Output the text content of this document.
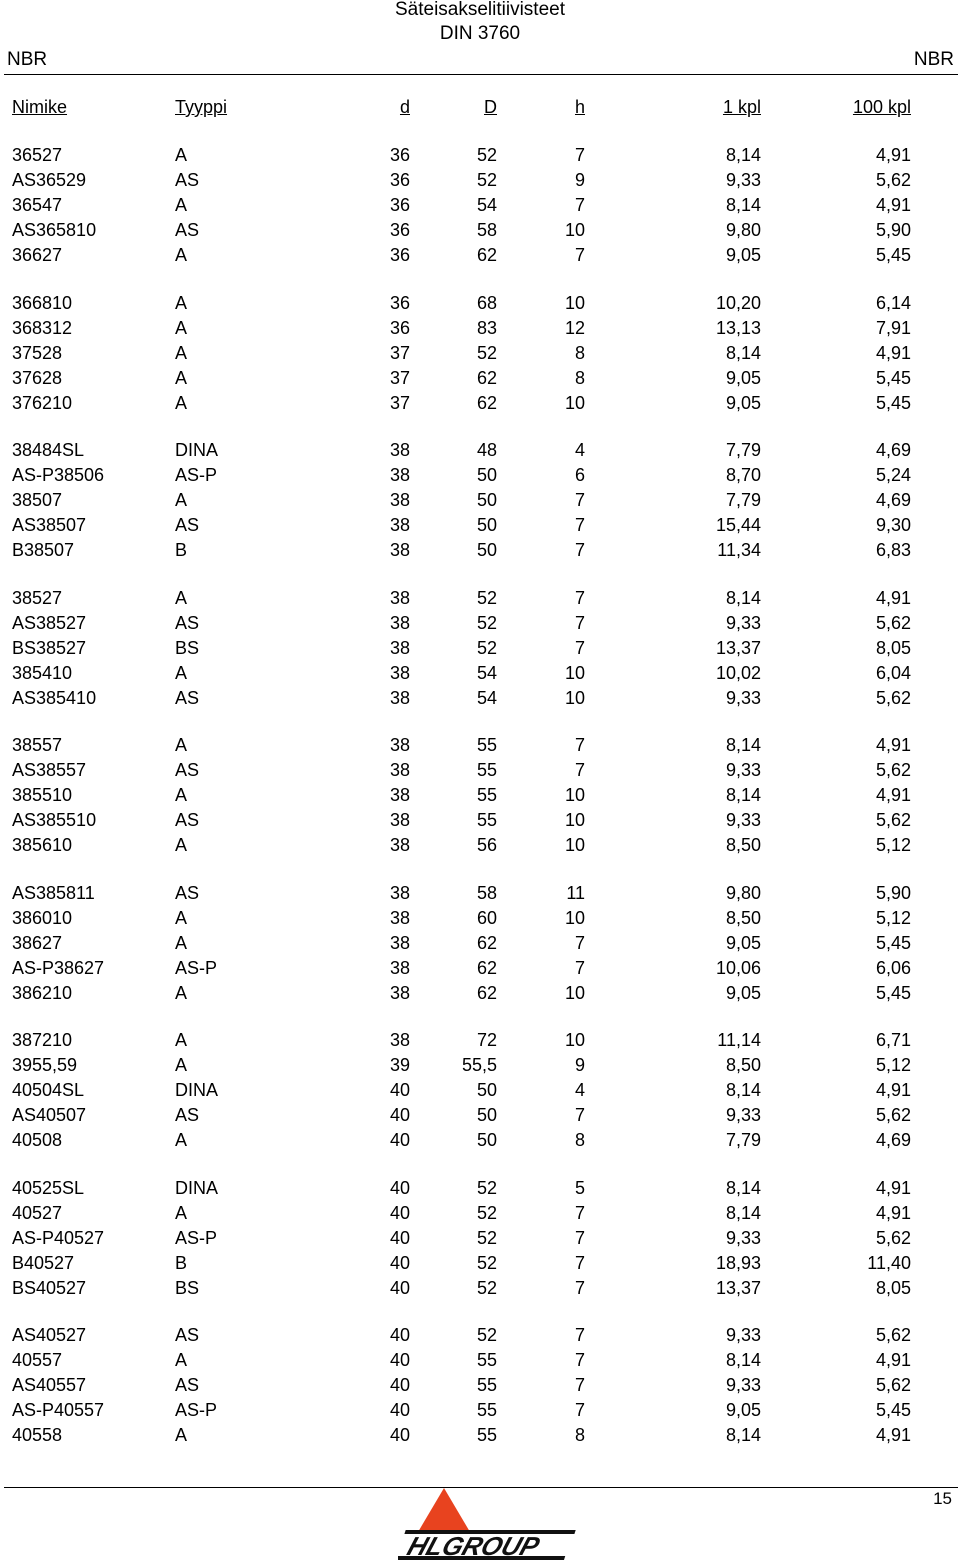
Säteisakselitiivisteet
DIN 3760
NBR	NBR
Nimike	Tyyppi	d	D	h	1 kpl	100 kpl
36527	A	36	52	7	8,14	4,91
AS36529	AS	36	52	9	9,33	5,62
36547	A	36	54	7	8,14	4,91
AS365810	AS	36	58	10	9,80	5,90
36627	A	36	62	7	9,05	5,45
366810	A	36	68	10	10,20	6,14
368312	A	36	83	12	13,13	7,91
37528	A	37	52	8	8,14	4,91
37628	A	37	62	8	9,05	5,45
376210	A	37	62	10	9,05	5,45
38484SL	DINA	38	48	4	7,79	4,69
AS-P38506	AS-P	38	50	6	8,70	5,24
38507	A	38	50	7	7,79	4,69
AS38507	AS	38	50	7	15,44	9,30
B38507	B	38	50	7	11,34	6,83
38527	A	38	52	7	8,14	4,91
AS38527	AS	38	52	7	9,33	5,62
BS38527	BS	38	52	7	13,37	8,05
385410	A	38	54	10	10,02	6,04
AS385410	AS	38	54	10	9,33	5,62
38557	A	38	55	7	8,14	4,91
AS38557	AS	38	55	7	9,33	5,62
385510	A	38	55	10	8,14	4,91
AS385510	AS	38	55	10	9,33	5,62
385610	A	38	56	10	8,50	5,12
AS385811	AS	38	58	11	9,80	5,90
386010	A	38	60	10	8,50	5,12
38627	A	38	62	7	9,05	5,45
AS-P38627	AS-P	38	62	7	10,06	6,06
386210	A	38	62	10	9,05	5,45
387210	A	38	72	10	11,14	6,71
3955,59	A	39	55,5	9	8,50	5,12
40504SL	DINA	40	50	4	8,14	4,91
AS40507	AS	40	50	7	9,33	5,62
40508	A	40	50	8	7,79	4,69
40525SL	DINA	40	52	5	8,14	4,91
40527	A	40	52	7	8,14	4,91
AS-P40527	AS-P	40	52	7	9,33	5,62
B40527	B	40	52	7	18,93	11,40
BS40527	BS	40	52	7	13,37	8,05
AS40527	AS	40	52	7	9,33	5,62
40557	A	40	55	7	8,14	4,91
AS40557	AS	40	55	7	9,33	5,62
AS-P40557	AS-P	40	55	7	9,05	5,45
40558	A	40	55	8	8,14	4,91
HLGROUP
15
